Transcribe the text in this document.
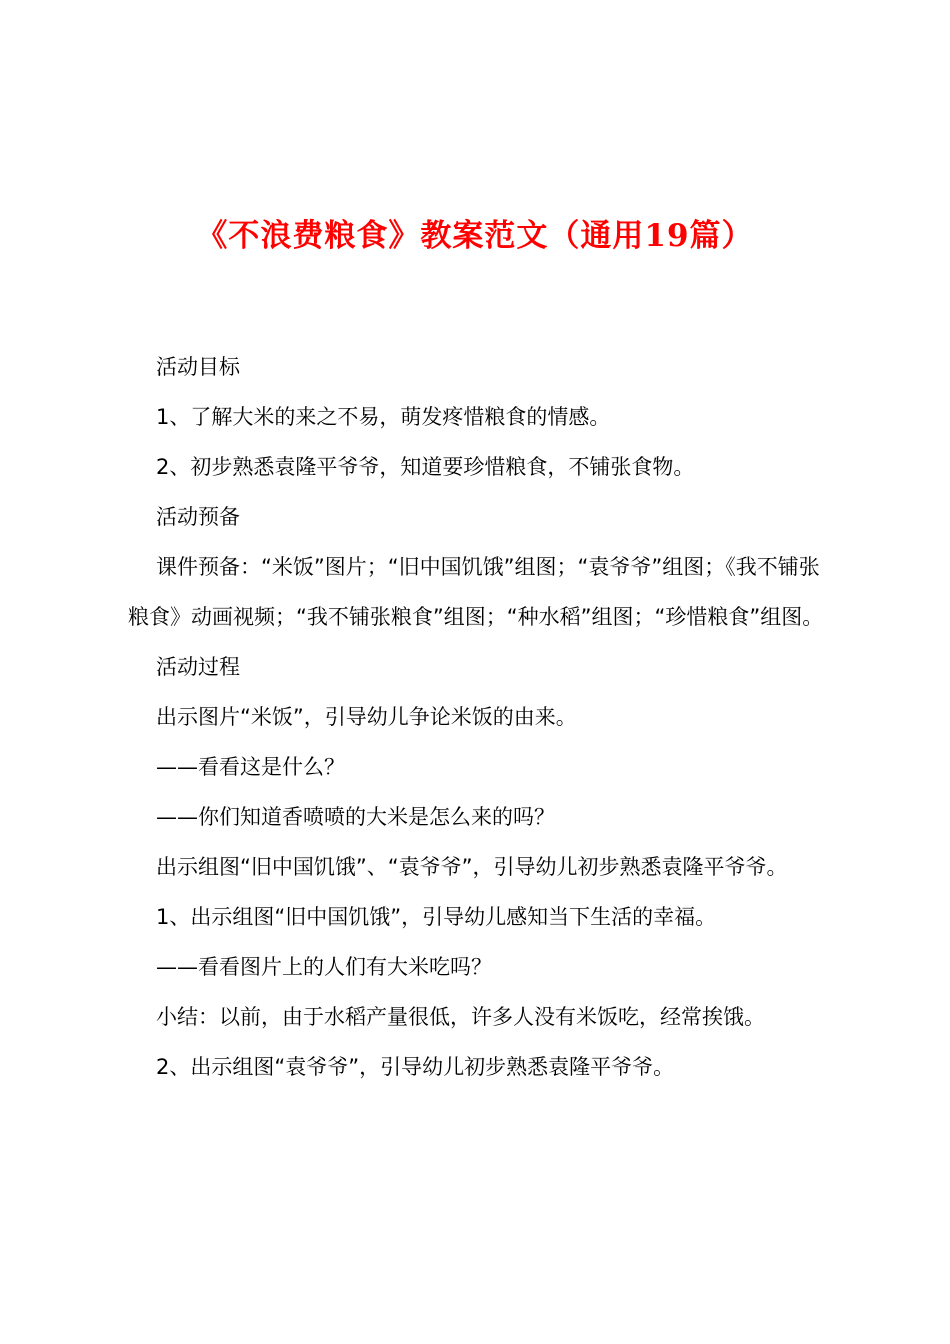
《不浪费粮食》教案范文（通用19篇）

活动目标

1、了解大米的来之不易，萌发疼惜粮食的情感。

2、初步熟悉袁隆平爷爷，知道要珍惜粮食，不铺张食物。

活动预备

课件预备：“米饭”图片；“旧中国饥饿”组图；“袁爷爷”组图；《我不铺张粮食》动画视频；“我不铺张粮食”组图；“种水稻”组图；“珍惜粮食”组图。

活动过程

出示图片“米饭”，引导幼儿争论米饭的由来。

——看看这是什么？

——你们知道香喷喷的大米是怎么来的吗？

出示组图“旧中国饥饿”、“袁爷爷”，引导幼儿初步熟悉袁隆平爷爷。

1、出示组图“旧中国饥饿”，引导幼儿感知当下生活的幸福。

——看看图片上的人们有大米吃吗？

小结：以前，由于水稻产量很低，许多人没有米饭吃，经常挨饿。

2、出示组图“袁爷爷”，引导幼儿初步熟悉袁隆平爷爷。
